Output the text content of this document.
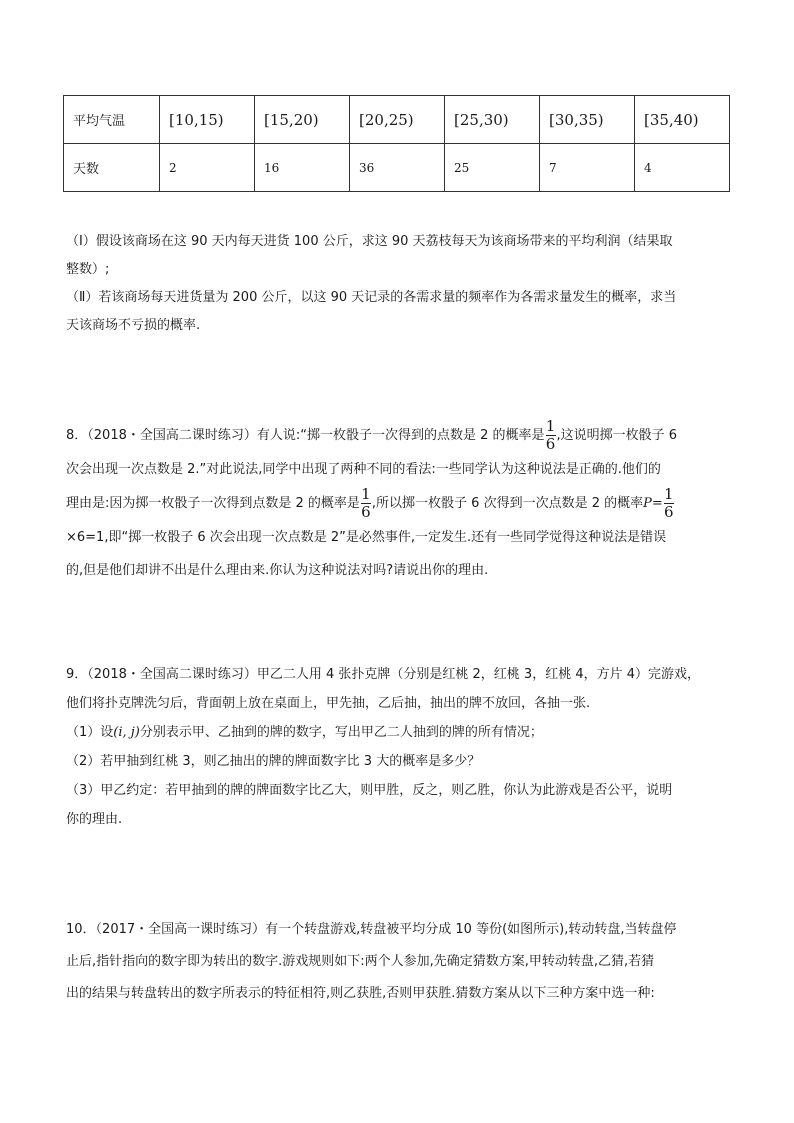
平均气温	[10,15)	[15,20)	[20,25)	[25,30)	[30,35)	[35,40)
天数	2	16	36	25	7	4
（Ⅰ）假设该商场在这 90 天内每天进货 100 公斤，求这 90 天荔枝每天为该商场带来的平均利润（结果取
整数）;
（Ⅱ）若该商场每天进货量为 200 公斤，以这 90 天记录的各需求量的频率作为各需求量发生的概率，求当
天该商场不亏损的概率.
8．（2018・全国高二课时练习）有人说:“掷一枚骰子一次得到的点数是 2 的概率是 $\frac{1}{6}$ ,这说明掷一枚骰子 6
次会出现一次点数是 2.”对此说法,同学中出现了两种不同的看法:一些同学认为这种说法是正确的.他们的
理由是:因为掷一枚骰子一次得到点数是 2 的概率是 $\frac{1}{6}$ ,所以掷一枚骰子 6 次得到一次点数是 2 的概率$P= \frac{1}{6}$
×6=1,即“掷一枚骰子 6 次会出现一次点数是 2”是必然事件,一定发生.还有一些同学觉得这种说法是错误
的,但是他们却讲不出是什么理由来.你认为这种说法对吗?请说出你的理由.
9．（2018・全国高二课时练习）甲乙二人用 4 张扑克牌（分别是红桃 2，红桃 3，红桃 4，方片 4）完游戏，
他们将扑克牌洗匀后，背面朝上放在桌面上，甲先抽，乙后抽，抽出的牌不放回，各抽一张.
（1）设(i, j)分别表示甲、乙抽到的牌的数字，写出甲乙二人抽到的牌的所有情况；
（2）若甲抽到红桃 3，则乙抽出的牌的牌面数字比 3 大的概率是多少？
（3）甲乙约定：若甲抽到的牌的牌面数字比乙大，则甲胜，反之，则乙胜，你认为此游戏是否公平，说明
你的理由.
10．（2017・全国高一课时练习）有一个转盘游戏,转盘被平均分成 10 等份(如图所示),转动转盘,当转盘停
止后,指针指向的数字即为转出的数字.游戏规则如下:两个人参加,先确定猜数方案,甲转动转盘,乙猜,若猜
出的结果与转盘转出的数字所表示的特征相符,则乙获胜,否则甲获胜.猜数方案从以下三种方案中选一种:
